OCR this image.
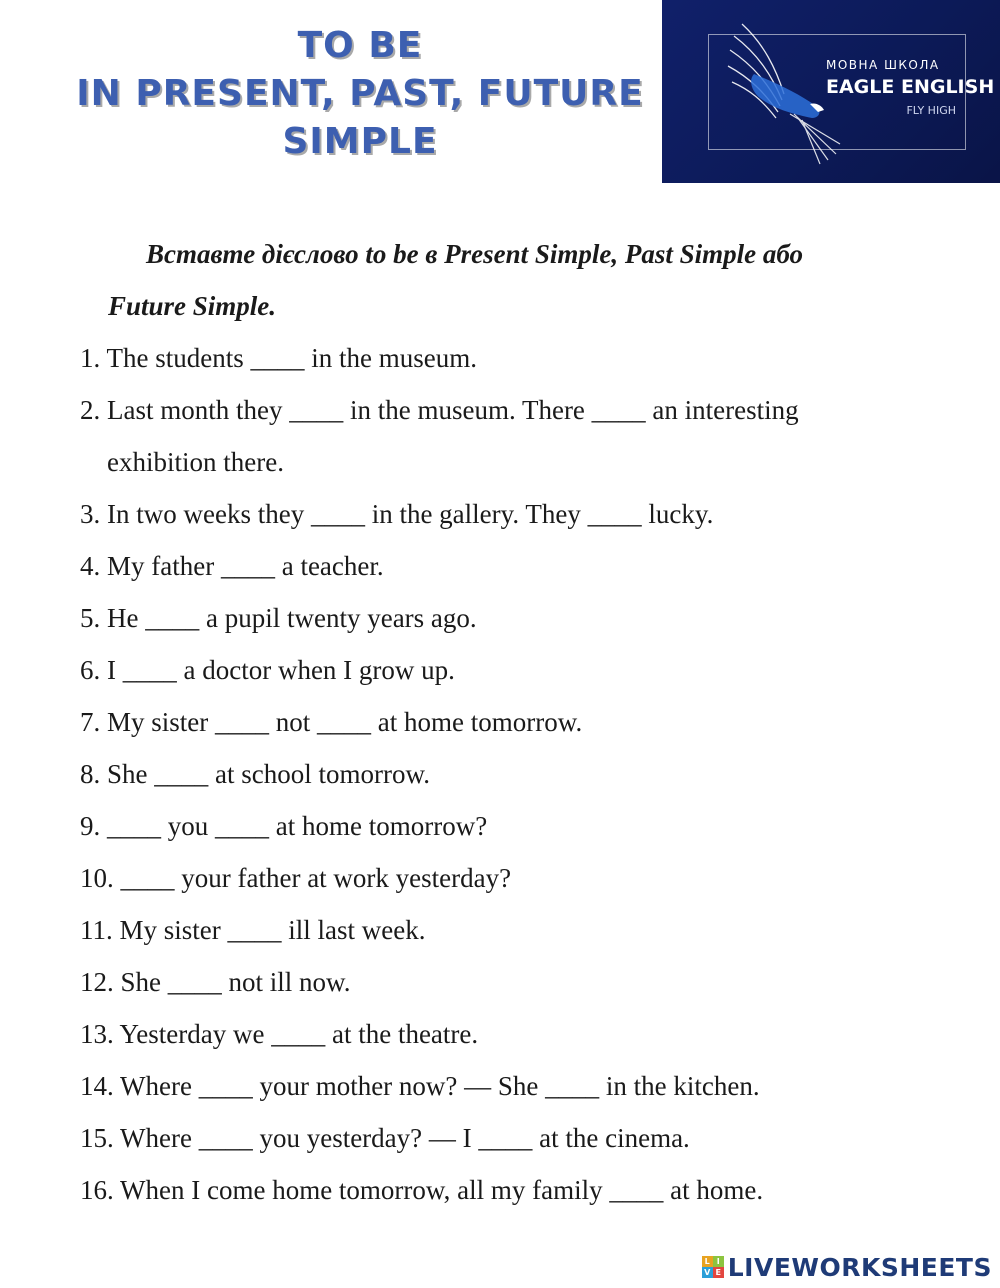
TO BE
IN PRESENT, PAST, FUTURE
SIMPLE
МОВНА ШКОЛА
EAGLE ENGLISH
FLY HIGH
Вставте дієслово to be в Present Simple, Past Simple або
Future Simple.
1. The students ____ in the museum.
2. Last month they ____ in the museum. There ____ an interesting
exhibition there.
3. In two weeks they ____ in the gallery. They ____ lucky.
4. My father ____ a teacher.
5. He ____ a pupil twenty years ago.
6. I ____ a doctor when I grow up.
7. My sister ____ not ____ at home tomorrow.
8. She ____ at school tomorrow.
9. ____ you ____ at home tomorrow?
10. ____ your father at work yesterday?
11. My sister ____ ill last week.
12. She ____ not ill now.
13. Yesterday we ____ at the theatre.
14. Where ____ your mother now? — She ____ in the kitchen.
15. Where ____ you yesterday? — I ____ at the cinema.
16. When I come home tomorrow, all my family ____ at home.
L I
V E LIVEWORKSHEETS
